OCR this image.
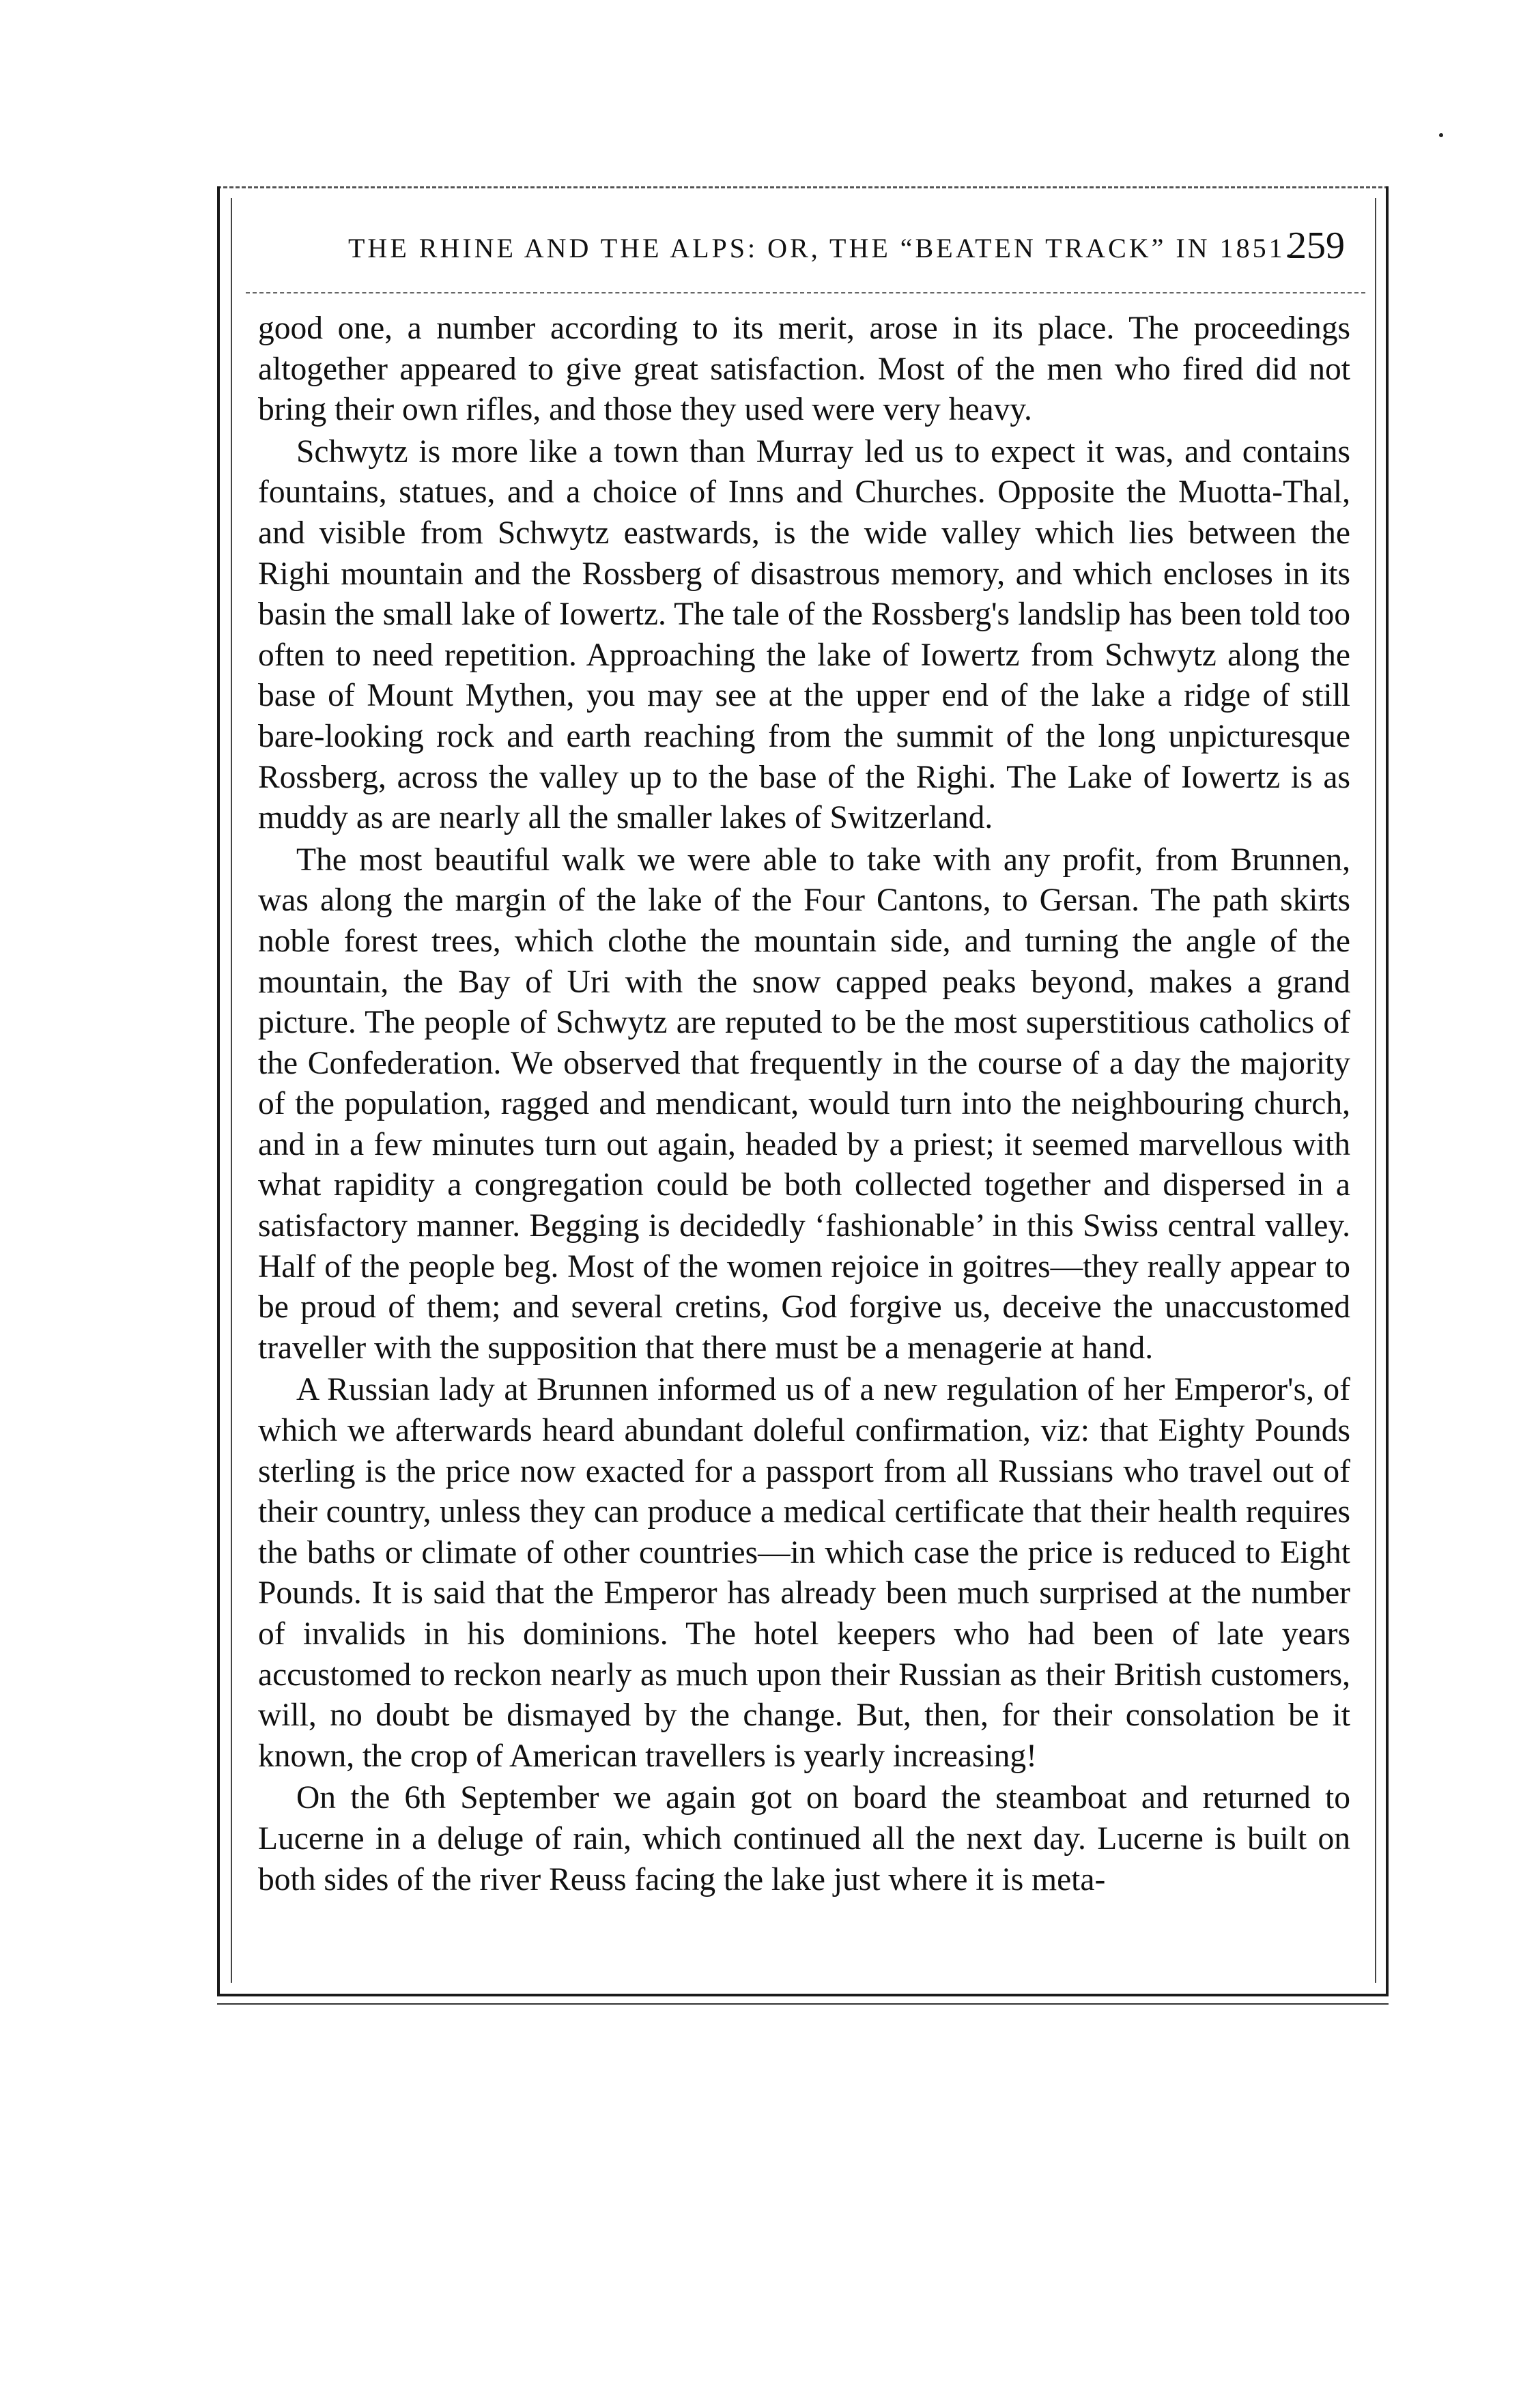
THE RHINE AND THE ALPS: OR, THE “BEATEN TRACK” IN 1851.
259

good one, a number according to its merit, arose in its place. The proceedings altogether appeared to give great satisfaction. Most of the men who fired did not bring their own rifles, and those they used were very heavy.

Schwytz is more like a town than Murray led us to expect it was, and contains fountains, statues, and a choice of Inns and Churches. Opposite the Muotta-Thal, and visible from Schwytz eastwards, is the wide valley which lies between the Righi mountain and the Rossberg of disastrous memory, and which encloses in its basin the small lake of Iowertz. The tale of the Rossberg's landslip has been told too often to need repetition. Approaching the lake of Iowertz from Schwytz along the base of Mount Mythen, you may see at the upper end of the lake a ridge of still bare-looking rock and earth reaching from the summit of the long unpicturesque Rossberg, across the valley up to the base of the Righi. The Lake of Iowertz is as muddy as are nearly all the smaller lakes of Switzerland.

The most beautiful walk we were able to take with any profit, from Brunnen, was along the margin of the lake of the Four Cantons, to Gersan. The path skirts noble forest trees, which clothe the mountain side, and turning the angle of the mountain, the Bay of Uri with the snow capped peaks beyond, makes a grand picture. The people of Schwytz are reputed to be the most superstitious catholics of the Confederation. We observed that frequently in the course of a day the majority of the population, ragged and mendicant, would turn into the neighbouring church, and in a few minutes turn out again, headed by a priest; it seemed marvellous with what rapidity a congregation could be both collected together and dispersed in a satisfactory manner. Begging is decidedly ‘fashionable’ in this Swiss central valley. Half of the people beg. Most of the women rejoice in goitres—they really appear to be proud of them; and several cretins, God forgive us, deceive the unaccustomed traveller with the supposition that there must be a menagerie at hand.

A Russian lady at Brunnen informed us of a new regulation of her Emperor's, of which we afterwards heard abundant doleful confirmation, viz: that Eighty Pounds sterling is the price now exacted for a passport from all Russians who travel out of their country, unless they can produce a medical certificate that their health requires the baths or climate of other countries—in which case the price is reduced to Eight Pounds. It is said that the Emperor has already been much surprised at the number of invalids in his dominions. The hotel keepers who had been of late years accustomed to reckon nearly as much upon their Russian as their British customers, will, no doubt be dismayed by the change. But, then, for their consolation be it known, the crop of American travellers is yearly increasing!

On the 6th September we again got on board the steamboat and returned to Lucerne in a deluge of rain, which continued all the next day. Lucerne is built on both sides of the river Reuss facing the lake just where it is meta-
